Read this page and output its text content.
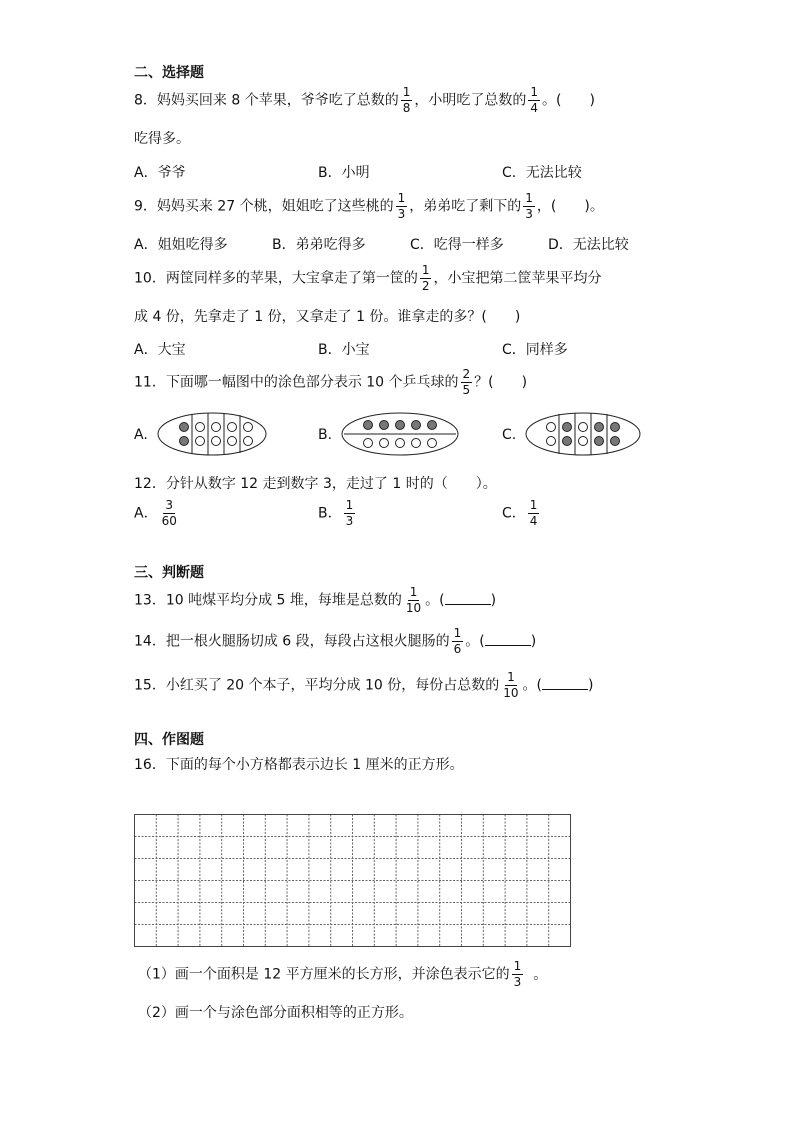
二、选择题
8．妈妈买回来 8 个苹果，爷爷吃了总数的 $\frac{1}{8}$ ，小明吃了总数的 $\frac{1}{4}$ 。(　　)
吃得多。
A．爷爷	B．小明	C．无法比较
9．妈妈买来 27 个桃，姐姐吃了这些桃的 $\frac{1}{3}$ ，弟弟吃了剩下的 $\frac{1}{3}$ ，(　　)。
A．姐姐吃得多	B．弟弟吃得多	C．吃得一样多	D．无法比较
10．两筐同样多的苹果，大宝拿走了第一筐的 $\frac{1}{2}$ ，小宝把第二筐苹果平均分
成 4 份，先拿走了 1 份，又拿走了 1 份。谁拿走的多？(　　)
A．大宝	B．小宝	C．同样多
11．下面哪一幅图中的涂色部分表示 10 个乒乓球的 $\frac{2}{5}$ ？(　　)
A.	B.	C.
12．分针从数字 12 走到数字 3，走过了 1 时的（　　）。
A． $\frac{3}{60}$	B． $\frac{1}{3}$	C． $\frac{1}{4}$
三、判断题
13．10 吨煤平均分成 5 堆，每堆是总数的 $\frac{1}{10}$ 。(	)
14．把一根火腿肠切成 6 段，每段占这根火腿肠的 $\frac{1}{6}$ 。(	)
15．小红买了 20 个本子，平均分成 10 份，每份占总数的 $\frac{1}{10}$ 。(	)
四、作图题
16．下面的每个小方格都表示边长 1 厘米的正方形。
（1）画一个面积是 12 平方厘米的长方形，并涂色表示它的 $\frac{1}{3}$ 。
（2）画一个与涂色部分面积相等的正方形。
